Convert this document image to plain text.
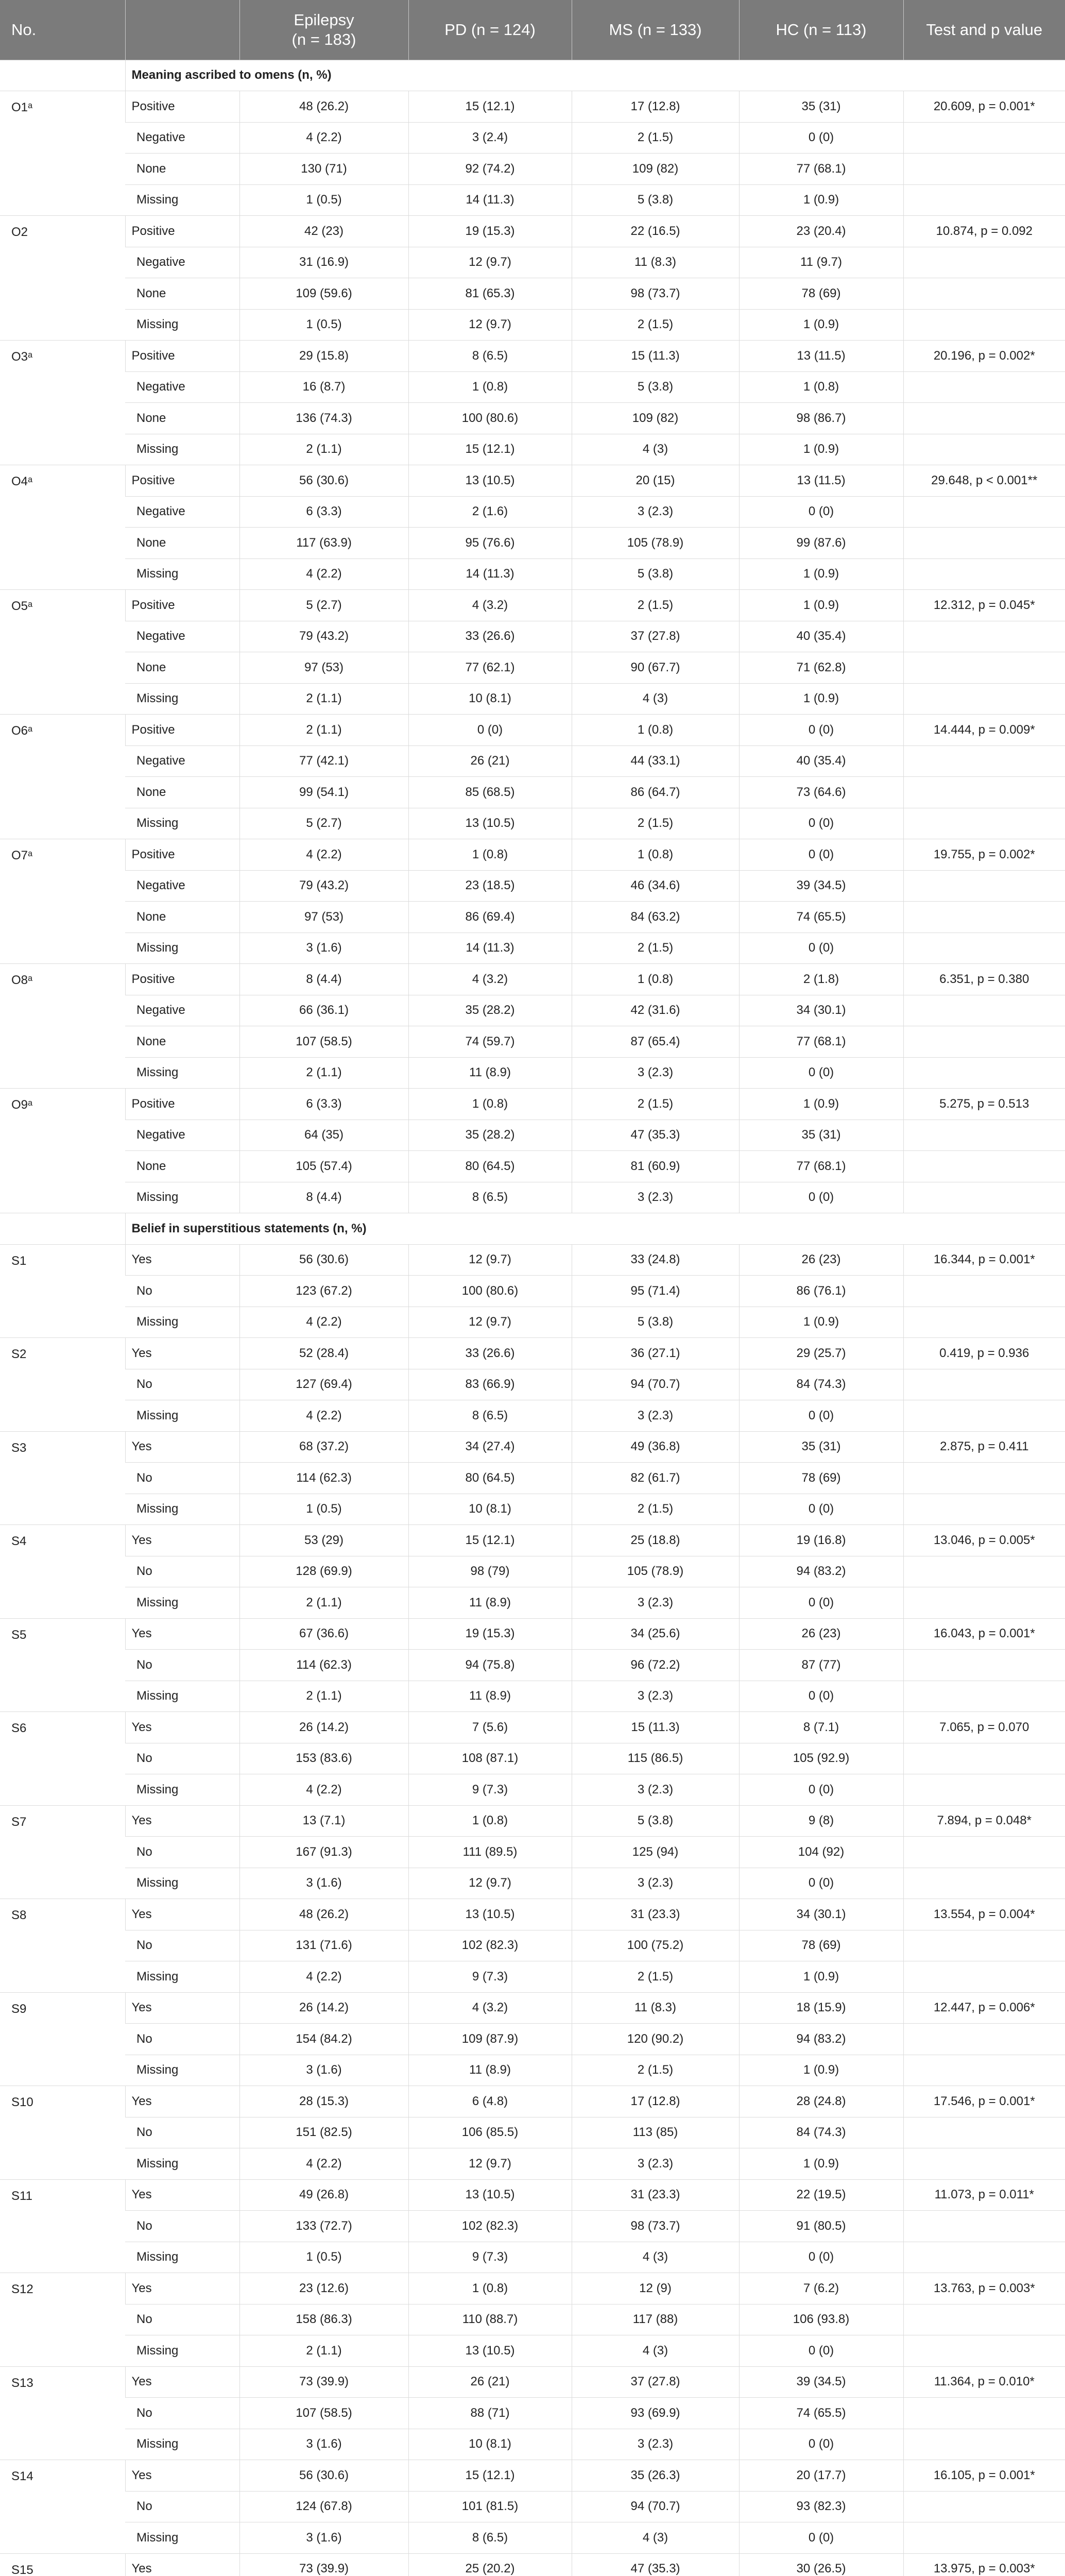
No.		Epilepsy
(n = 183)	PD (n = 124)	MS (n = 133)	HC (n = 113)	Test and p value
	Meaning ascribed to omens (n, %)					
O1ᵃ	Positive	48 (26.2)	15 (12.1)	17 (12.8)	35 (31)	20.609, p = 0.001*
	Negative	4 (2.2)	3 (2.4)	2 (1.5)	0 (0)	
	None	130 (71)	92 (74.2)	109 (82)	77 (68.1)	
	Missing	1 (0.5)	14 (11.3)	5 (3.8)	1 (0.9)	
O2	Positive	42 (23)	19 (15.3)	22 (16.5)	23 (20.4)	10.874, p = 0.092
	Negative	31 (16.9)	12 (9.7)	11 (8.3)	11 (9.7)	
	None	109 (59.6)	81 (65.3)	98 (73.7)	78 (69)	
	Missing	1 (0.5)	12 (9.7)	2 (1.5)	1 (0.9)	
O3ᵃ	Positive	29 (15.8)	8 (6.5)	15 (11.3)	13 (11.5)	20.196, p = 0.002*
	Negative	16 (8.7)	1 (0.8)	5 (3.8)	1 (0.8)	
	None	136 (74.3)	100 (80.6)	109 (82)	98 (86.7)	
	Missing	2 (1.1)	15 (12.1)	4 (3)	1 (0.9)	
O4ᵃ	Positive	56 (30.6)	13 (10.5)	20 (15)	13 (11.5)	29.648, p < 0.001**
	Negative	6 (3.3)	2 (1.6)	3 (2.3)	0 (0)	
	None	117 (63.9)	95 (76.6)	105 (78.9)	99 (87.6)	
	Missing	4 (2.2)	14 (11.3)	5 (3.8)	1 (0.9)	
O5ᵃ	Positive	5 (2.7)	4 (3.2)	2 (1.5)	1 (0.9)	12.312, p = 0.045*
	Negative	79 (43.2)	33 (26.6)	37 (27.8)	40 (35.4)	
	None	97 (53)	77 (62.1)	90 (67.7)	71 (62.8)	
	Missing	2 (1.1)	10 (8.1)	4 (3)	1 (0.9)	
O6ᵃ	Positive	2 (1.1)	0 (0)	1 (0.8)	0 (0)	14.444, p = 0.009*
	Negative	77 (42.1)	26 (21)	44 (33.1)	40 (35.4)	
	None	99 (54.1)	85 (68.5)	86 (64.7)	73 (64.6)	
	Missing	5 (2.7)	13 (10.5)	2 (1.5)	0 (0)	
O7ᵃ	Positive	4 (2.2)	1 (0.8)	1 (0.8)	0 (0)	19.755, p = 0.002*
	Negative	79 (43.2)	23 (18.5)	46 (34.6)	39 (34.5)	
	None	97 (53)	86 (69.4)	84 (63.2)	74 (65.5)	
	Missing	3 (1.6)	14 (11.3)	2 (1.5)	0 (0)	
O8ᵃ	Positive	8 (4.4)	4 (3.2)	1 (0.8)	2 (1.8)	6.351, p = 0.380
	Negative	66 (36.1)	35 (28.2)	42 (31.6)	34 (30.1)	
	None	107 (58.5)	74 (59.7)	87 (65.4)	77 (68.1)	
	Missing	2 (1.1)	11 (8.9)	3 (2.3)	0 (0)	
O9ᵃ	Positive	6 (3.3)	1 (0.8)	2 (1.5)	1 (0.9)	5.275, p = 0.513
	Negative	64 (35)	35 (28.2)	47 (35.3)	35 (31)	
	None	105 (57.4)	80 (64.5)	81 (60.9)	77 (68.1)	
	Missing	8 (4.4)	8 (6.5)	3 (2.3)	0 (0)	
	Belief in superstitious statements (n, %)					
S1	Yes	56 (30.6)	12 (9.7)	33 (24.8)	26 (23)	16.344, p = 0.001*
	No	123 (67.2)	100 (80.6)	95 (71.4)	86 (76.1)	
	Missing	4 (2.2)	12 (9.7)	5 (3.8)	1 (0.9)	
S2	Yes	52 (28.4)	33 (26.6)	36 (27.1)	29 (25.7)	0.419, p = 0.936
	No	127 (69.4)	83 (66.9)	94 (70.7)	84 (74.3)	
	Missing	4 (2.2)	8 (6.5)	3 (2.3)	0 (0)	
S3	Yes	68 (37.2)	34 (27.4)	49 (36.8)	35 (31)	2.875, p = 0.411
	No	114 (62.3)	80 (64.5)	82 (61.7)	78 (69)	
	Missing	1 (0.5)	10 (8.1)	2 (1.5)	0 (0)	
S4	Yes	53 (29)	15 (12.1)	25 (18.8)	19 (16.8)	13.046, p = 0.005*
	No	128 (69.9)	98 (79)	105 (78.9)	94 (83.2)	
	Missing	2 (1.1)	11 (8.9)	3 (2.3)	0 (0)	
S5	Yes	67 (36.6)	19 (15.3)	34 (25.6)	26 (23)	16.043, p = 0.001*
	No	114 (62.3)	94 (75.8)	96 (72.2)	87 (77)	
	Missing	2 (1.1)	11 (8.9)	3 (2.3)	0 (0)	
S6	Yes	26 (14.2)	7 (5.6)	15 (11.3)	8 (7.1)	7.065, p = 0.070
	No	153 (83.6)	108 (87.1)	115 (86.5)	105 (92.9)	
	Missing	4 (2.2)	9 (7.3)	3 (2.3)	0 (0)	
S7	Yes	13 (7.1)	1 (0.8)	5 (3.8)	9 (8)	7.894, p = 0.048*
	No	167 (91.3)	111 (89.5)	125 (94)	104 (92)	
	Missing	3 (1.6)	12 (9.7)	3 (2.3)	0 (0)	
S8	Yes	48 (26.2)	13 (10.5)	31 (23.3)	34 (30.1)	13.554, p = 0.004*
	No	131 (71.6)	102 (82.3)	100 (75.2)	78 (69)	
	Missing	4 (2.2)	9 (7.3)	2 (1.5)	1 (0.9)	
S9	Yes	26 (14.2)	4 (3.2)	11 (8.3)	18 (15.9)	12.447, p = 0.006*
	No	154 (84.2)	109 (87.9)	120 (90.2)	94 (83.2)	
	Missing	3 (1.6)	11 (8.9)	2 (1.5)	1 (0.9)	
S10	Yes	28 (15.3)	6 (4.8)	17 (12.8)	28 (24.8)	17.546, p = 0.001*
	No	151 (82.5)	106 (85.5)	113 (85)	84 (74.3)	
	Missing	4 (2.2)	12 (9.7)	3 (2.3)	1 (0.9)	
S11	Yes	49 (26.8)	13 (10.5)	31 (23.3)	22 (19.5)	11.073, p = 0.011*
	No	133 (72.7)	102 (82.3)	98 (73.7)	91 (80.5)	
	Missing	1 (0.5)	9 (7.3)	4 (3)	0 (0)	
S12	Yes	23 (12.6)	1 (0.8)	12 (9)	7 (6.2)	13.763, p = 0.003*
	No	158 (86.3)	110 (88.7)	117 (88)	106 (93.8)	
	Missing	2 (1.1)	13 (10.5)	4 (3)	0 (0)	
S13	Yes	73 (39.9)	26 (21)	37 (27.8)	39 (34.5)	11.364, p = 0.010*
	No	107 (58.5)	88 (71)	93 (69.9)	74 (65.5)	
	Missing	3 (1.6)	10 (8.1)	3 (2.3)	0 (0)	
S14	Yes	56 (30.6)	15 (12.1)	35 (26.3)	20 (17.7)	16.105, p = 0.001*
	No	124 (67.8)	101 (81.5)	94 (70.7)	93 (82.3)	
	Missing	3 (1.6)	8 (6.5)	4 (3)	0 (0)	
S15	Yes	73 (39.9)	25 (20.2)	47 (35.3)	30 (26.5)	13.975, p = 0.003*
